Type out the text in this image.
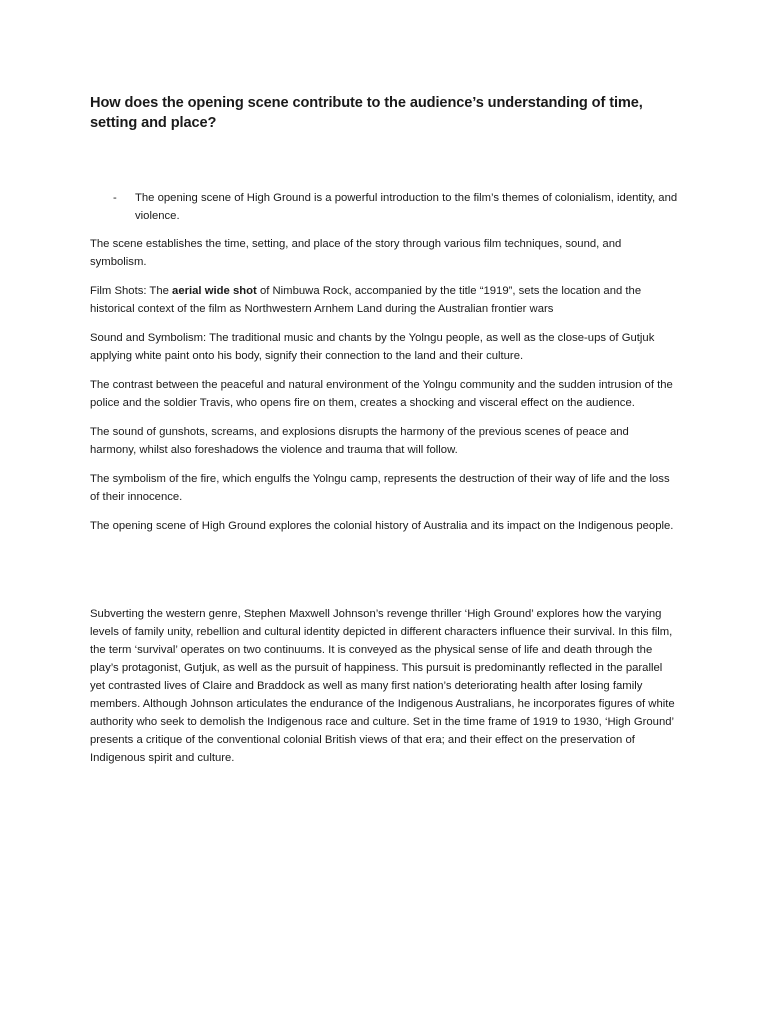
How does the opening scene contribute to the audience’s understanding of time, setting and place?
-	The opening scene of High Ground is a powerful introduction to the film’s themes of colonialism, identity, and violence.

The scene establishes the time, setting, and place of the story through various film techniques, sound, and symbolism.

Film Shots: The aerial wide shot of Nimbuwa Rock, accompanied by the title “1919”, sets the location and the historical context of the film as Northwestern Arnhem Land during the Australian frontier wars

Sound and Symbolism: The traditional music and chants by the Yolngu people, as well as the close-ups of Gutjuk applying white paint onto his body, signify their connection to the land and their culture.

The contrast between the peaceful and natural environment of the Yolngu community and the sudden intrusion of the police and the soldier Travis, who opens fire on them, creates a shocking and visceral effect on the audience.

The sound of gunshots, screams, and explosions disrupts the harmony of the previous scenes of peace and harmony, whilst also foreshadows the violence and trauma that will follow.

The symbolism of the fire, which engulfs the Yolngu camp, represents the destruction of their way of life and the loss of their innocence.

The opening scene of High Ground explores the colonial history of Australia and its impact on the Indigenous people.

Subverting the western genre, Stephen Maxwell Johnson’s revenge thriller ‘High Ground’ explores how the varying levels of family unity, rebellion and cultural identity depicted in different characters influence their survival. In this film, the term ‘survival’ operates on two continuums. It is conveyed as the physical sense of life and death through the play’s protagonist, Gutjuk, as well as the pursuit of happiness. This pursuit is predominantly reflected in the parallel yet contrasted lives of Claire and Braddock as well as many first nation’s deteriorating health after losing family members. Although Johnson articulates the endurance of the Indigenous Australians, he incorporates figures of white authority who seek to demolish the Indigenous race and culture. Set in the time frame of 1919 to 1930, ‘High Ground’ presents a critique of the conventional colonial British views of that era; and their effect on the preservation of Indigenous spirit and culture.
